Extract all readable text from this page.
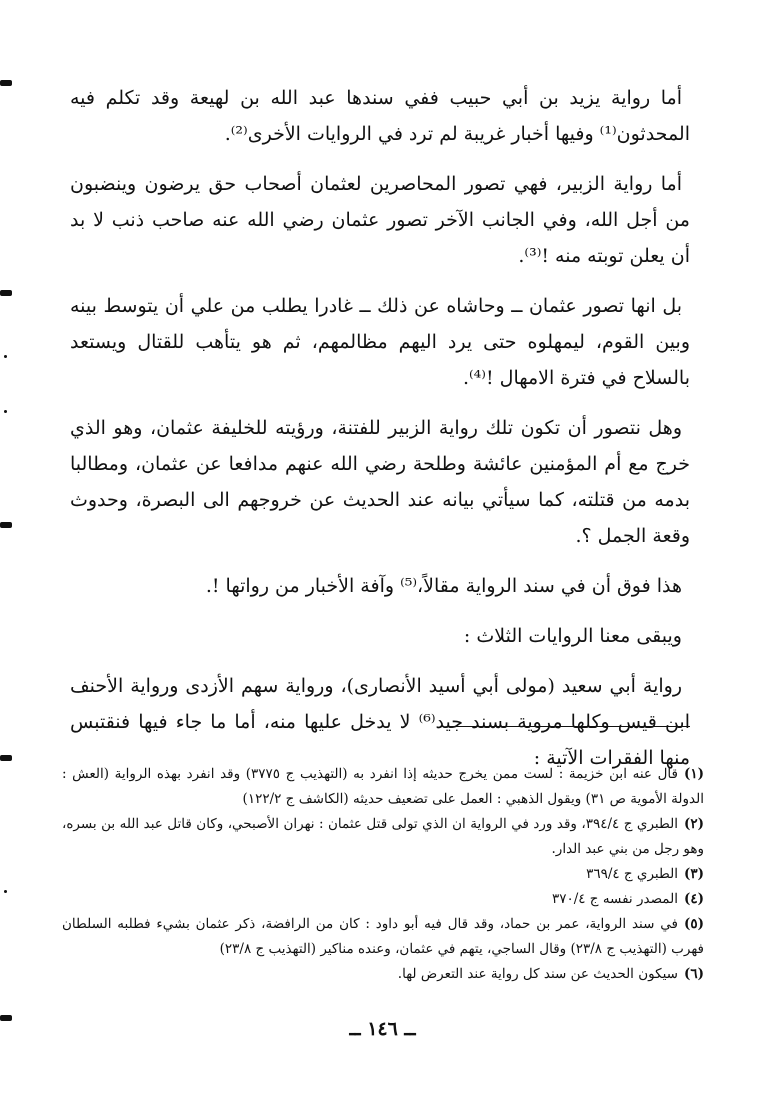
أما رواية يزيد بن أبي حبيب ففي سندها عبد الله بن لهيعة وقد تكلم فيه المحدثون⁽¹⁾ وفيها أخبار غريبة لم ترد في الروايات الأخرى⁽²⁾.

أما رواية الزبير، فهي تصور المحاصرين لعثمان أصحاب حق يرضون وينضبون من أجل الله، وفي الجانب الآخر تصور عثمان رضي الله عنه صاحب ذنب لا بد أن يعلن توبته منه !⁽³⁾.

بل انها تصور عثمان ــ وحاشاه عن ذلك ــ غادرا يطلب من علي أن يتوسط بينه وبين القوم، ليمهلوه حتى يرد اليهم مظالمهم، ثم هو يتأهب للقتال ويستعد بالسلاح في فترة الامهال !⁽⁴⁾.

وهل نتصور أن تكون تلك رواية الزبير للفتنة، ورؤيته للخليفة عثمان، وهو الذي خرج مع أم المؤمنين عائشة وطلحة رضي الله عنهم مدافعا عن عثمان، ومطالبا بدمه من قتلته، كما سيأتي بيانه عند الحديث عن خروجهم الى البصرة، وحدوث وقعة الجمل ؟.

هذا فوق أن في سند الرواية مقالاً،⁽⁵⁾ وآفة الأخبار من رواتها !.

ويبقى معنا الروايات الثلاث :

رواية أبي سعيد (مولى أبي أسيد الأنصارى)، ورواية سهم الأزدى ورواية الأحنف ابن قيس وكلها مروية بسند جيد⁽⁶⁾ لا يدخل عليها منه، أما ما جاء فيها فنقتبس منها الفقرات الآتية :

(١)قال عنه ابن خزيمة : لست ممن يخرج حديثه إذا انفرد به (التهذيب ج ٣٧٧٥) وقد انفرد بهذه الرواية (العش : الدولة الأموية ص ٣١) ويقول الذهبي : العمل على تضعيف حديثه (الكاشف ج ١٢٢/٢)

(٢)الطبري ج ٣٩٤/٤، وقد ورد في الرواية ان الذي تولى قتل عثمان : نهران الأصبحي، وكان قاتل عبد الله بن بسره، وهو رجل من بني عبد الدار.

(٣)الطبري ج ٣٦٩/٤

(٤)المصدر نفسه ج ٣٧٠/٤

(٥)في سند الرواية، عمر بن حماد، وقد قال فيه أبو داود : كان من الرافضة، ذكر عثمان بشيء فطلبه السلطان فهرب (التهذيب ج ٢٣/٨) وقال الساجي، يتهم في عثمان، وعنده مناكير (التهذيب ج ٢٣/٨)

(٦)سيكون الحديث عن سند كل رواية عند التعرض لها.

ــ ١٤٦ ــ
